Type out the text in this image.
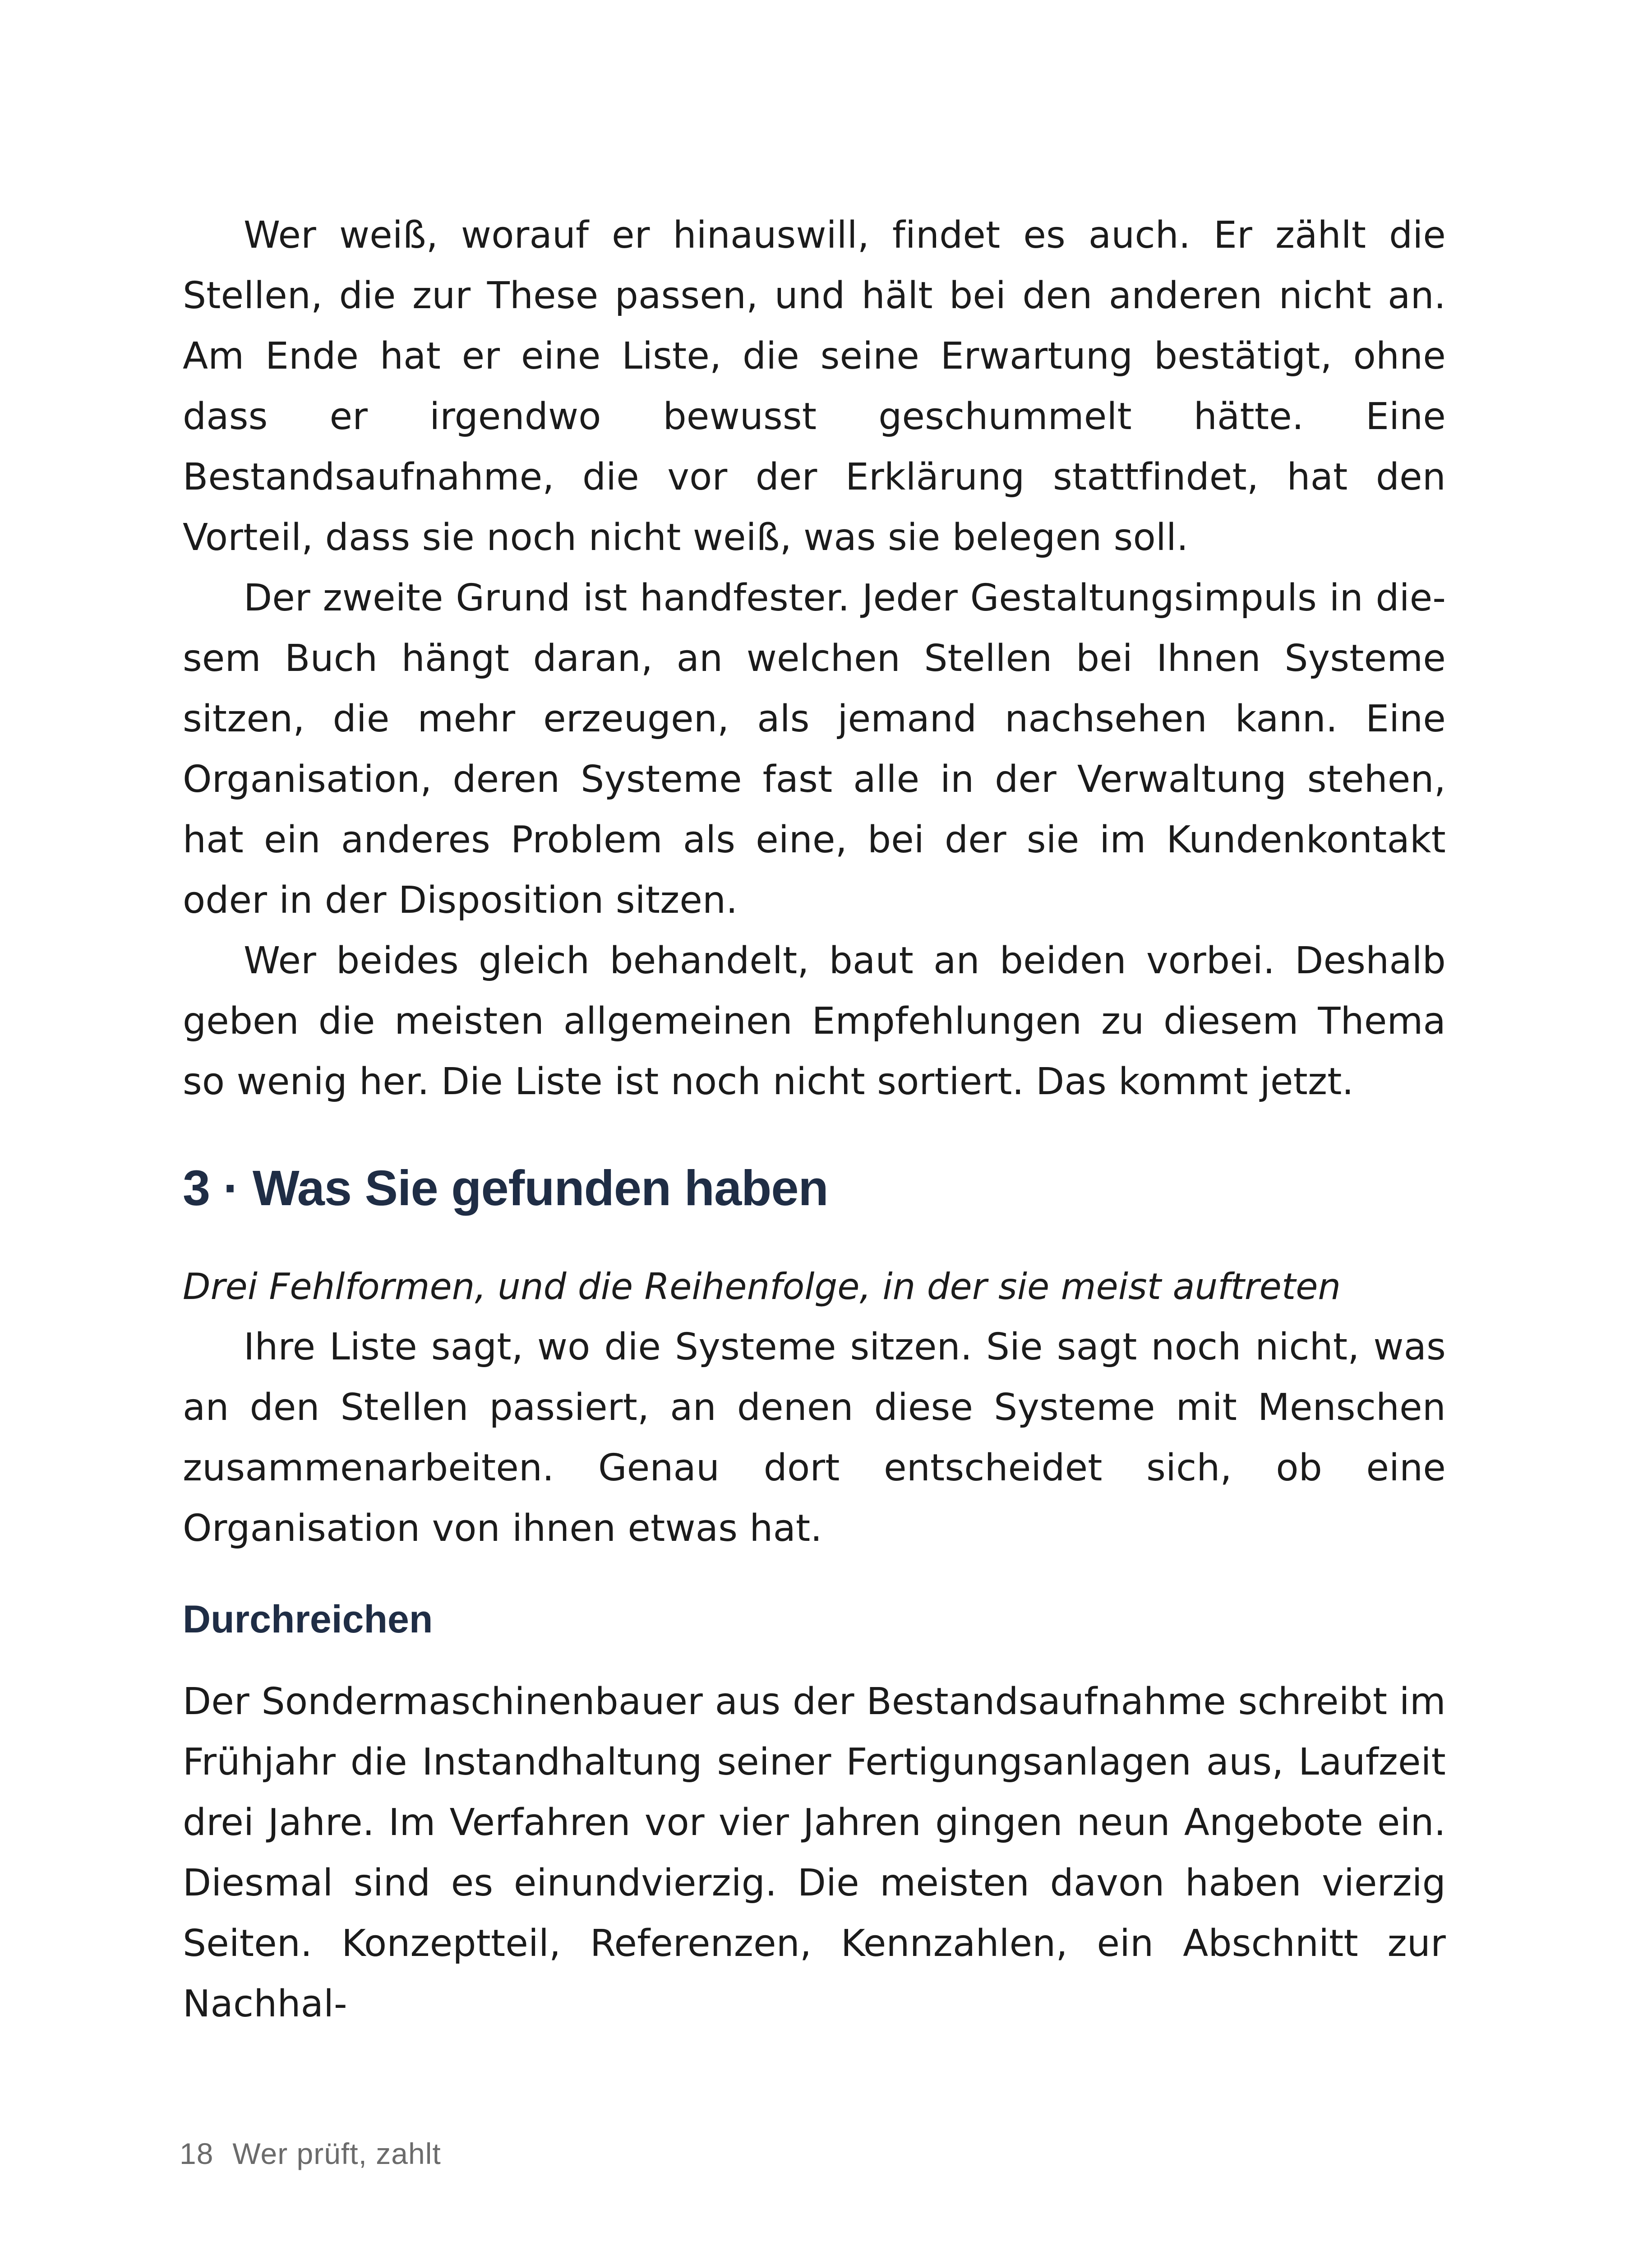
Wer weiß, worauf er hinauswill, findet es auch. Er zählt die Stellen, die zur These passen, und hält bei den anderen nicht an. Am Ende hat er eine Liste, die seine Erwartung bestätigt, ohne dass er irgendwo bewusst geschummelt hätte. Eine Bestandsaufnahme, die vor der Erklärung stattfindet, hat den Vorteil, dass sie noch nicht weiß, was sie belegen soll.

Der zweite Grund ist handfester. Jeder Gestaltungsimpuls in diesem Buch hängt daran, an welchen Stellen bei Ihnen Systeme sitzen, die mehr erzeugen, als jemand nachsehen kann. Eine Organisation, deren Systeme fast alle in der Verwaltung stehen, hat ein anderes Problem als eine, bei der sie im Kundenkontakt oder in der Disposition sitzen.

Wer beides gleich behandelt, baut an beiden vorbei. Deshalb geben die meisten allgemeinen Empfehlungen zu diesem Thema so wenig her. Die Liste ist noch nicht sortiert. Das kommt jetzt.

3 · Was Sie gefunden haben

Drei Fehlformen, und die Reihenfolge, in der sie meist auftreten

Ihre Liste sagt, wo die Systeme sitzen. Sie sagt noch nicht, was an den Stellen passiert, an denen diese Systeme mit Menschen zusammenarbeiten. Genau dort entscheidet sich, ob eine Organisation von ihnen etwas hat.

Durchreichen

Der Sondermaschinenbauer aus der Bestandsaufnahme schreibt im Frühjahr die Instandhaltung seiner Fertigungsanlagen aus, Laufzeit drei Jahre. Im Verfahren vor vier Jahren gingen neun Angebote ein. Diesmal sind es einundvierzig. Die meisten davon haben vierzig Seiten. Konzeptteil, Referenzen, Kennzahlen, ein Abschnitt zur Nachhal-

18 Wer prüft, zahlt
